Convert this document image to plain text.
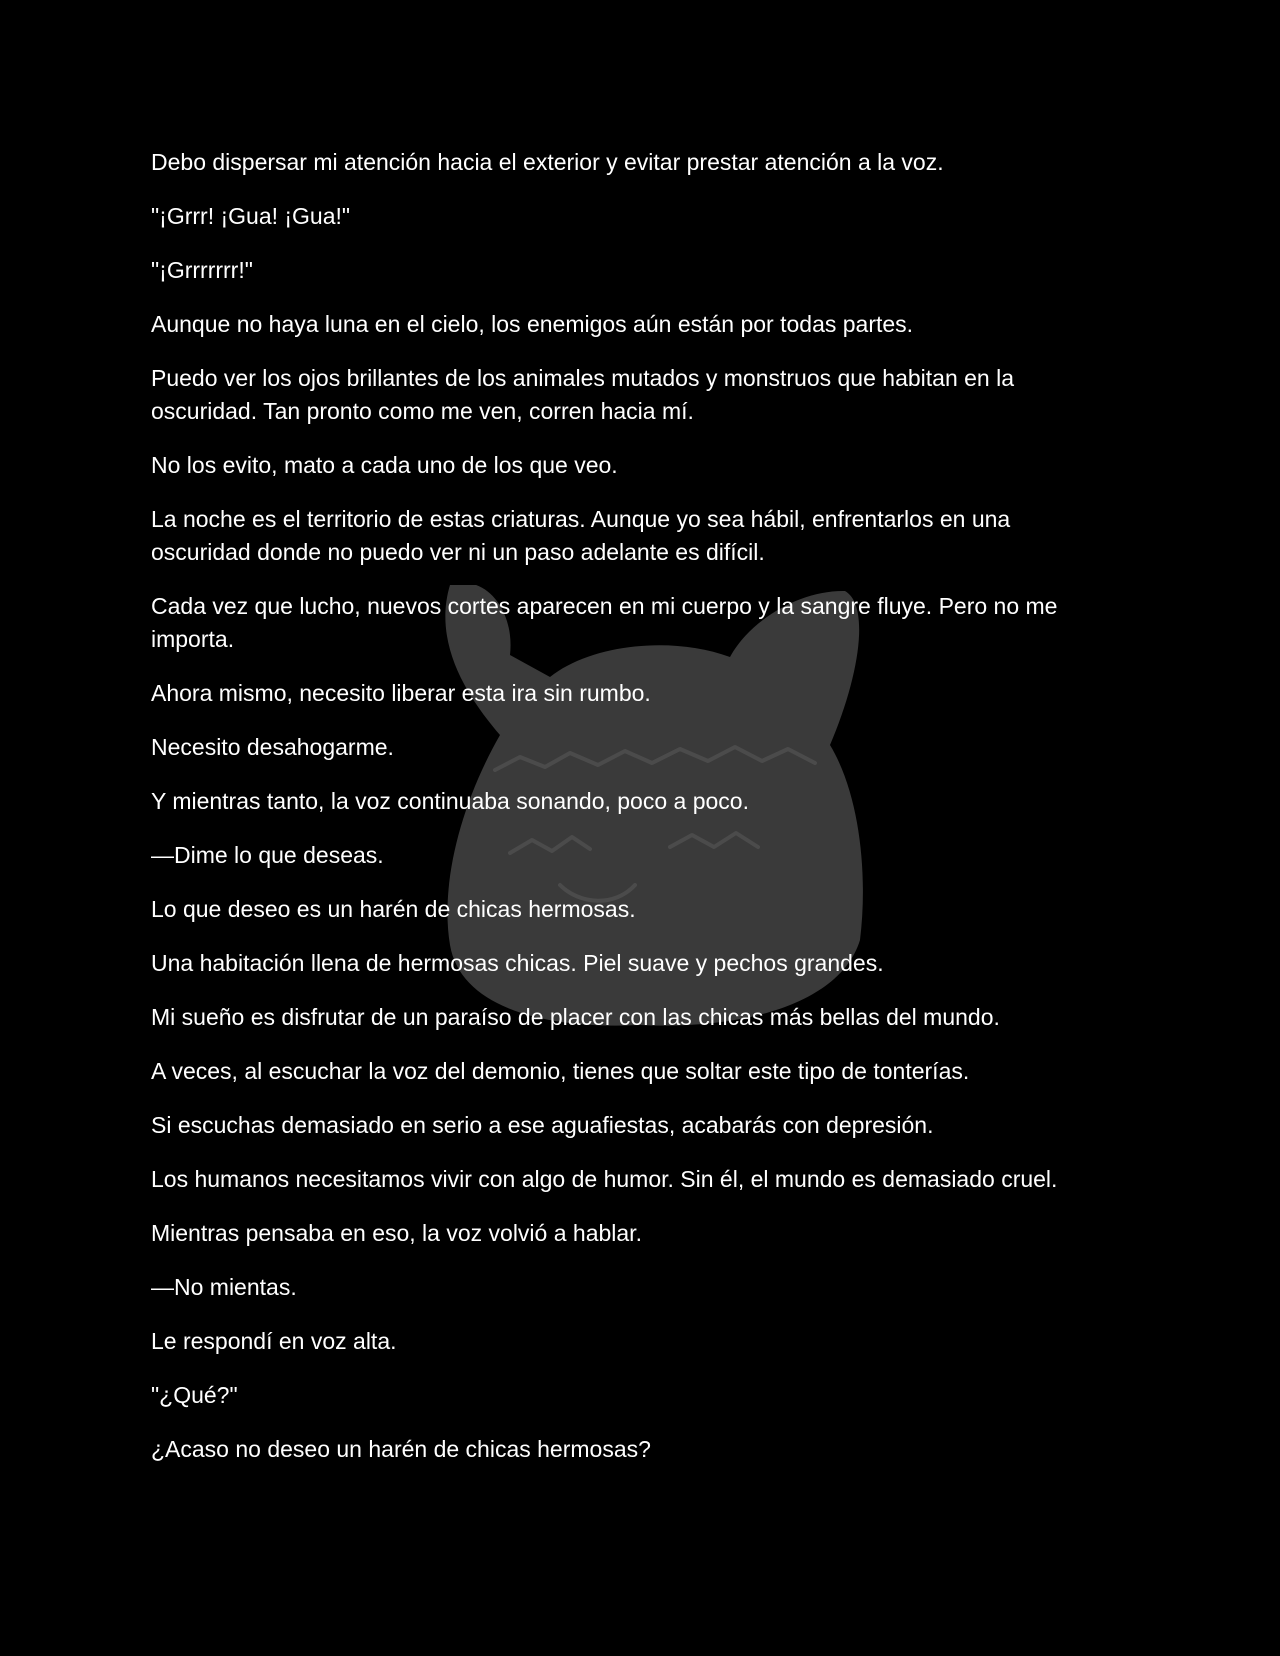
Debo dispersar mi atención hacia el exterior y evitar prestar atención a la voz.

"¡Grrr! ¡Gua! ¡Gua!"

"¡Grrrrrrr!"

Aunque no haya luna en el cielo, los enemigos aún están por todas partes.

Puedo ver los ojos brillantes de los animales mutados y monstruos que habitan en la oscuridad. Tan pronto como me ven, corren hacia mí.

No los evito, mato a cada uno de los que veo.

La noche es el territorio de estas criaturas. Aunque yo sea hábil, enfrentarlos en una oscuridad donde no puedo ver ni un paso adelante es difícil.

Cada vez que lucho, nuevos cortes aparecen en mi cuerpo y la sangre fluye. Pero no me importa.

Ahora mismo, necesito liberar esta ira sin rumbo.

Necesito desahogarme.

Y mientras tanto, la voz continuaba sonando, poco a poco.

—Dime lo que deseas.

Lo que deseo es un harén de chicas hermosas.

Una habitación llena de hermosas chicas. Piel suave y pechos grandes.

Mi sueño es disfrutar de un paraíso de placer con las chicas más bellas del mundo.

A veces, al escuchar la voz del demonio, tienes que soltar este tipo de tonterías.

Si escuchas demasiado en serio a ese aguafiestas, acabarás con depresión.

Los humanos necesitamos vivir con algo de humor. Sin él, el mundo es demasiado cruel.

Mientras pensaba en eso, la voz volvió a hablar.

—No mientas.

Le respondí en voz alta.

"¿Qué?"

¿Acaso no deseo un harén de chicas hermosas?
